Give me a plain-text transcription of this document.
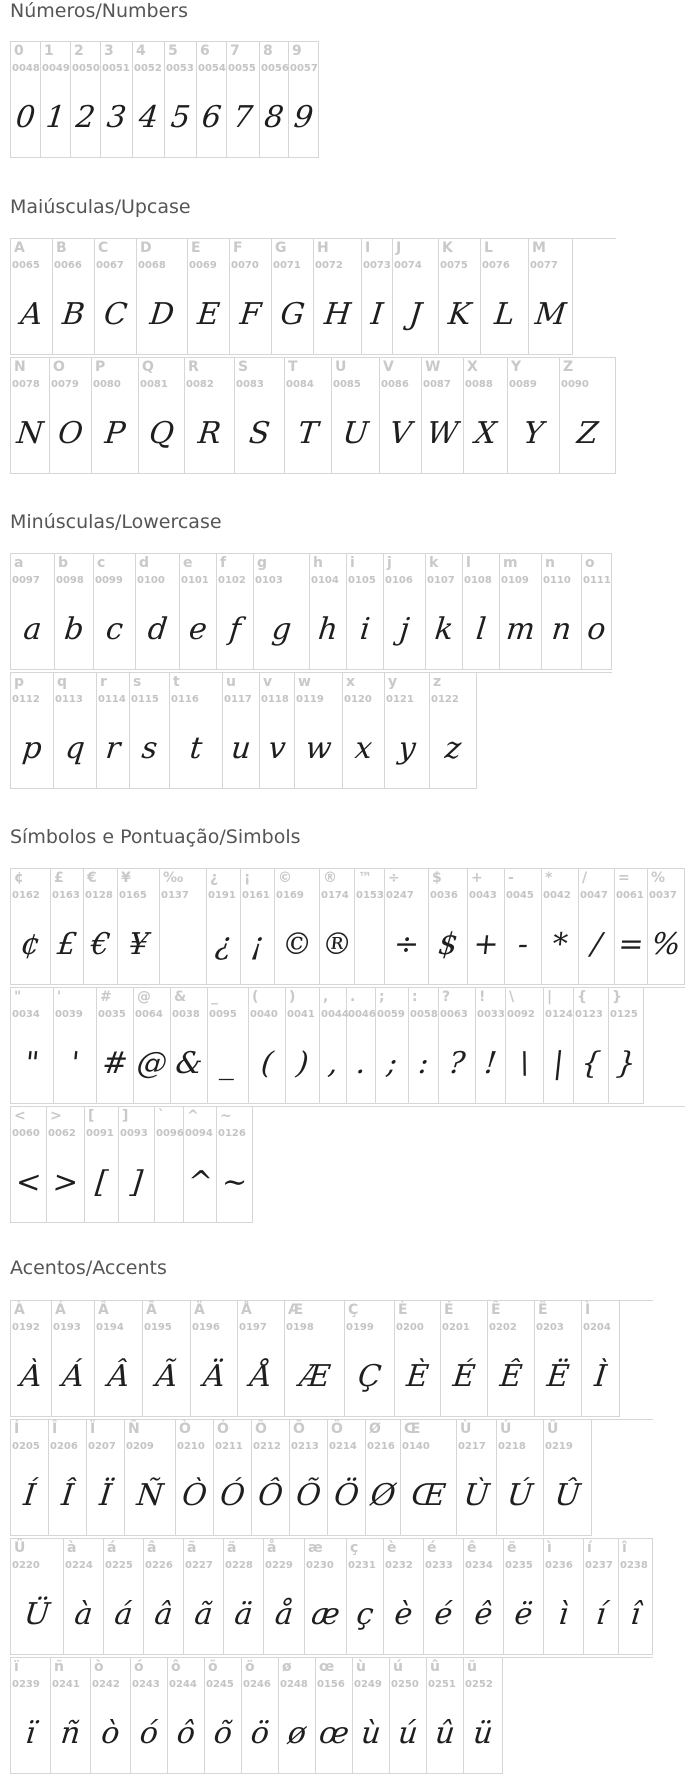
Números/Numbers
0
0048
0
1
0049
1
2
0050
2
3
0051
3
4
0052
4
5
0053
5
6
0054
6
7
0055
7
8
0056
8
9
0057
9
Maiúsculas/Upcase
A
0065
A
B
0066
B
C
0067
C
D
0068
D
E
0069
E
F
0070
F
G
0071
G
H
0072
H
I
0073
I
J
0074
J
K
0075
K
L
0076
L
M
0077
M
N
0078
N
O
0079
O
P
0080
P
Q
0081
Q
R
0082
R
S
0083
S
T
0084
T
U
0085
U
V
0086
V
W
0087
W
X
0088
X
Y
0089
Y
Z
0090
Z
Minúsculas/Lowercase
a
0097
a
b
0098
b
c
0099
c
d
0100
d
e
0101
e
f
0102
f
g
0103
g
h
0104
h
i
0105
i
j
0106
j
k
0107
k
l
0108
l
m
0109
m
n
0110
n
o
0111
o
p
0112
p
q
0113
q
r
0114
r
s
0115
s
t
0116
t
u
0117
u
v
0118
v
w
0119
w
x
0120
x
y
0121
y
z
0122
z
Símbolos e Pontuação/Simbols
¢
0162
¢
£
0163
£
€
0128
€
¥
0165
¥
‰
0137
¿
0191
¿
¡
0161
¡
©
0169
©
®
0174
®
™
0153
÷
0247
÷
$
0036
$
+
0043
+
-
0045
-
*
0042
*
/
0047
/
=
0061
=
%
0037
%
"
0034
"
'
0039
'
#
0035
#
@
0064
@
&
0038
&
_
0095
_
(
0040
(
)
0041
)
,
0044
,
.
0046
.
;
0059
;
:
0058
:
?
0063
?
!
0033
!
\
0092
\
|
0124
|
{
0123
{
}
0125
}
<
0060
<
>
0062
>
[
0091
[
]
0093
]
`
0096
^
0094
^
~
0126
~
Acentos/Accents
À
0192
À
Á
0193
Á
Â
0194
Â
Ã
0195
Ã
Ä
0196
Ä
Å
0197
Å
Æ
0198
Æ
Ç
0199
Ç
È
0200
È
É
0201
É
Ê
0202
Ê
Ë
0203
Ë
Ì
0204
Ì
Í
0205
Í
Î
0206
Î
Ï
0207
Ï
Ñ
0209
Ñ
Ò
0210
Ò
Ó
0211
Ó
Ô
0212
Ô
Õ
0213
Õ
Ö
0214
Ö
Ø
0216
Ø
Œ
0140
Œ
Ù
0217
Ù
Ú
0218
Ú
Û
0219
Û
Ü
0220
Ü
à
0224
à
á
0225
á
â
0226
â
ã
0227
ã
ä
0228
ä
å
0229
å
æ
0230
æ
ç
0231
ç
è
0232
è
é
0233
é
ê
0234
ê
ë
0235
ë
ì
0236
ì
í
0237
í
î
0238
î
ï
0239
ï
ñ
0241
ñ
ò
0242
ò
ó
0243
ó
ô
0244
ô
õ
0245
õ
ö
0246
ö
ø
0248
ø
œ
0156
œ
ù
0249
ù
ú
0250
ú
û
0251
û
ü
0252
ü
